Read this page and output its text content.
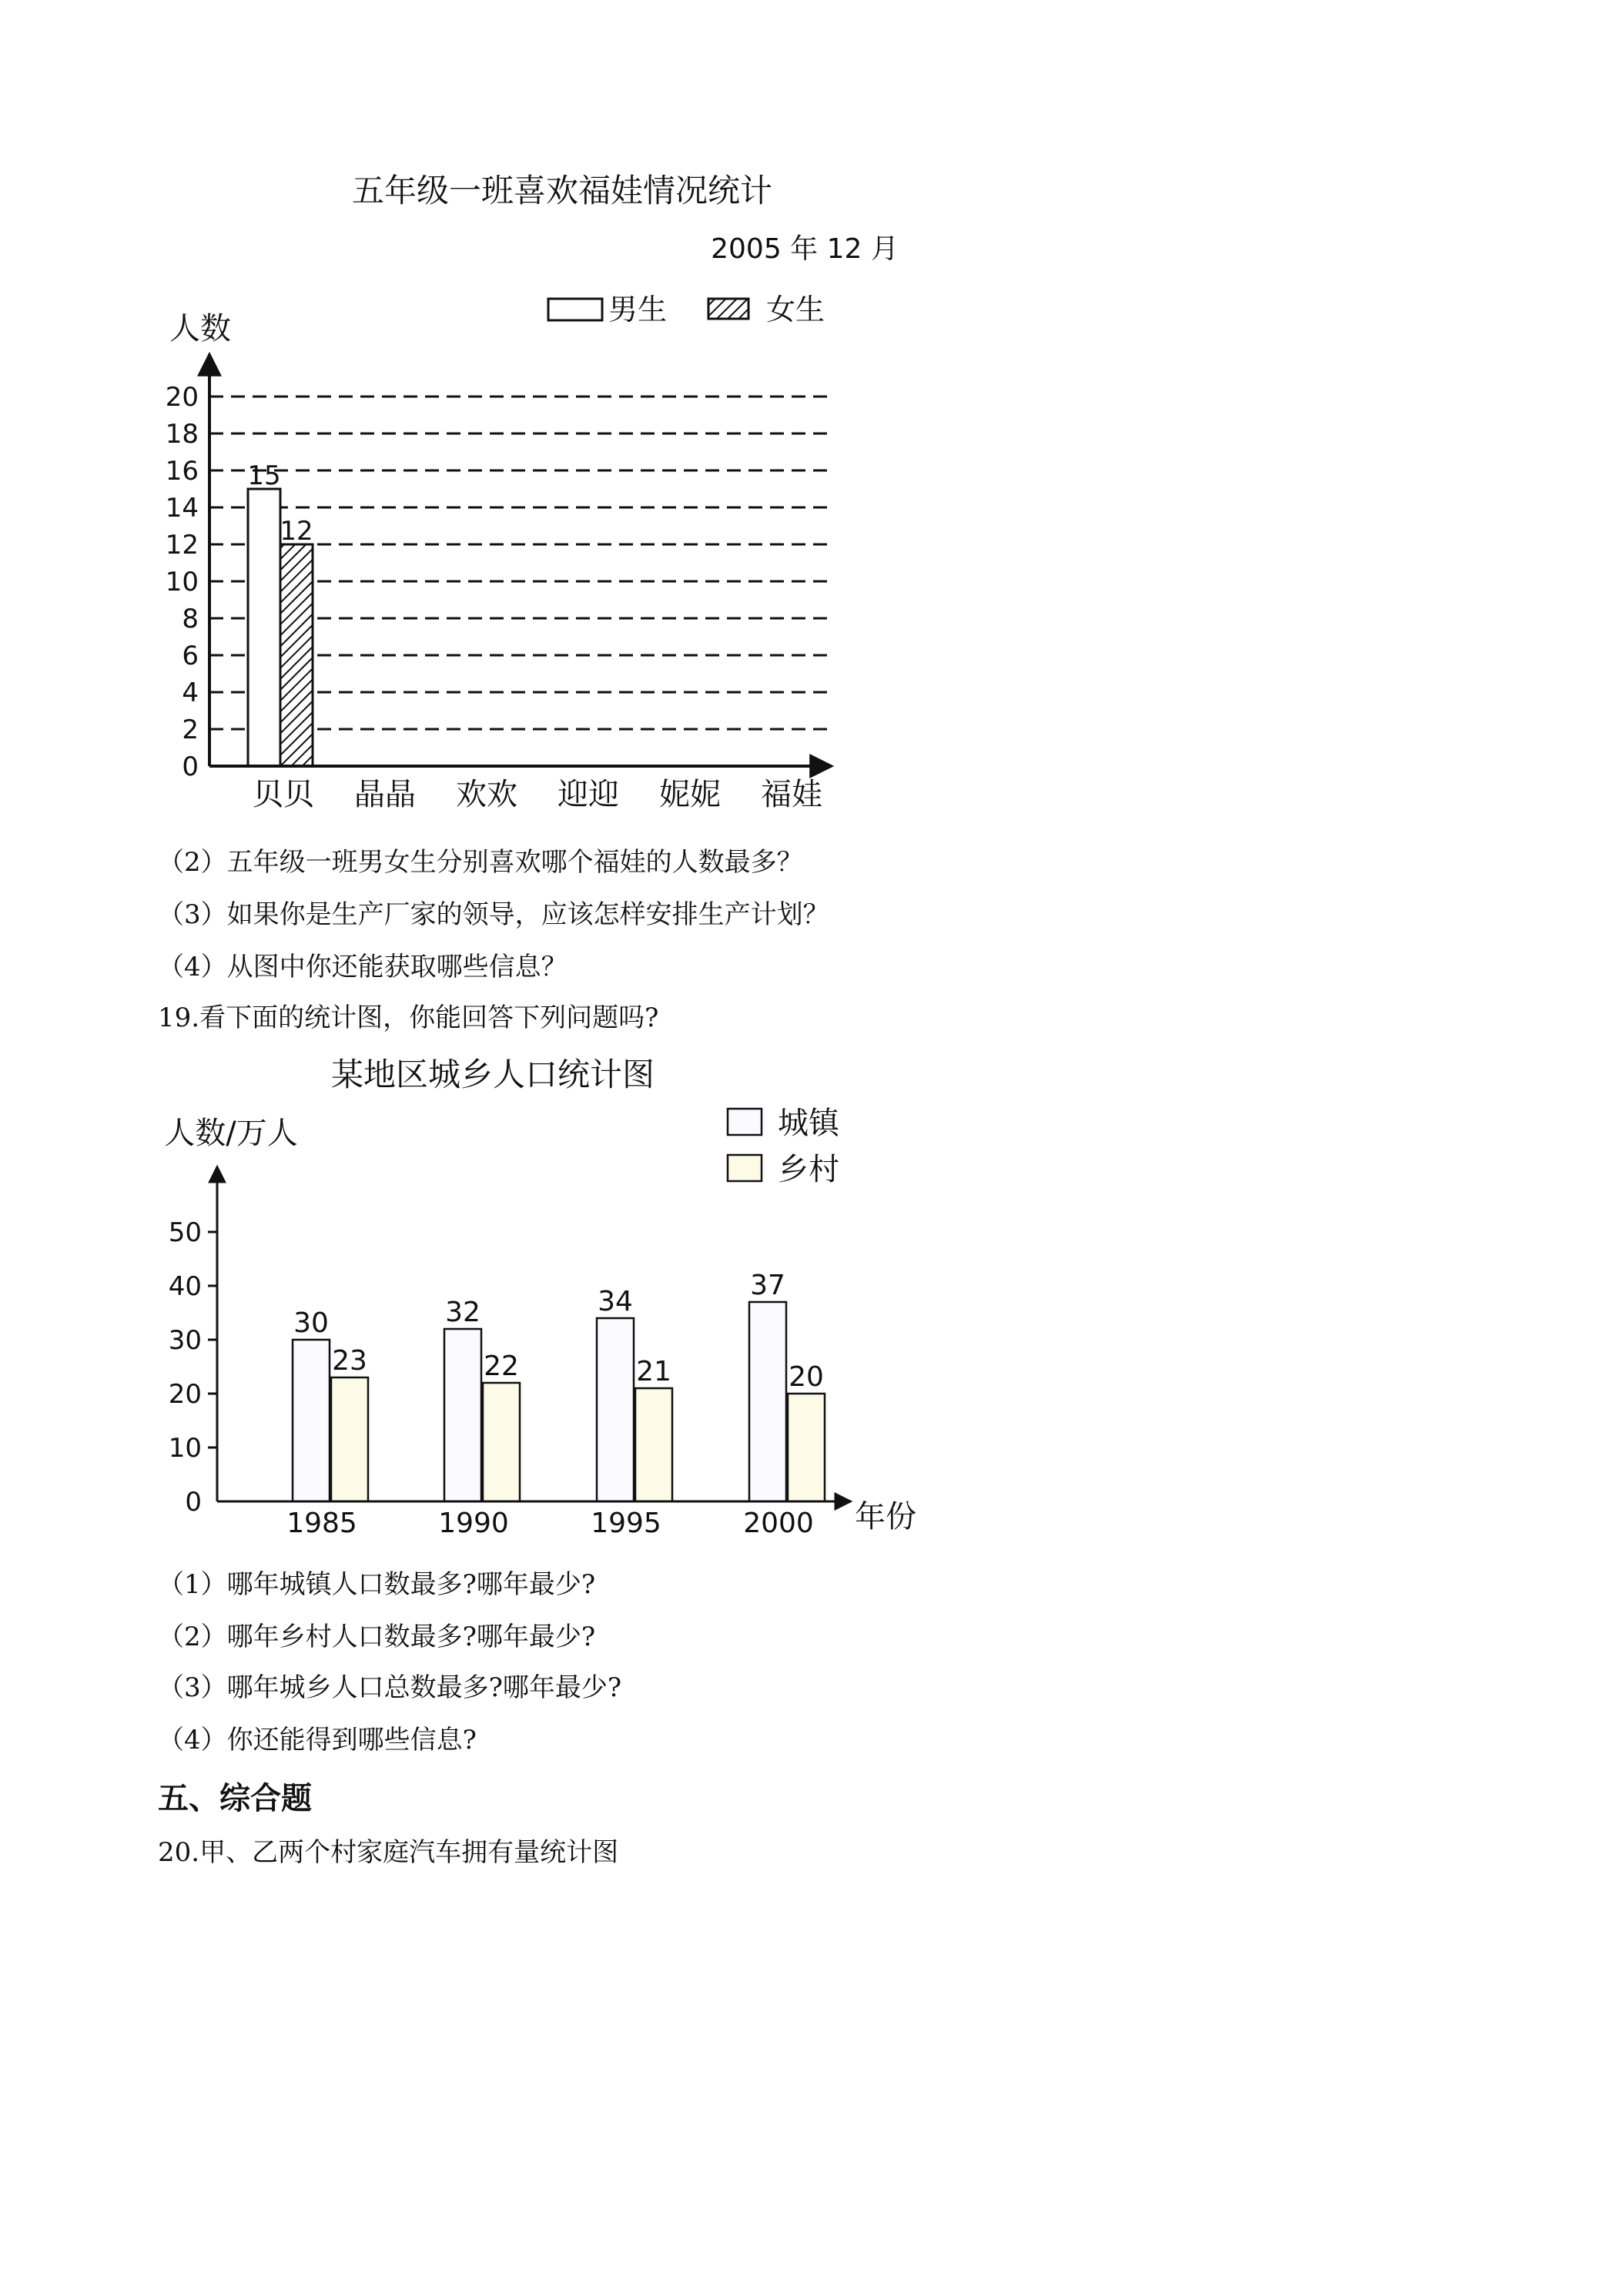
五年级一班喜欢福娃情况统计
2005 年 12 月
人数
男生	女生
0
2
4
6
8
10
12
14
16
18
20
15
12
贝贝 晶晶 欢欢 迎迎 妮妮 福娃
（2）五年级一班男女生分别喜欢哪个福娃的人数最多？
（3）如果你是生产厂家的领导，应该怎样安排生产计划？
（4）从图中你还能获取哪些信息？
19.看下面的统计图，你能回答下列问题吗?
某地区城乡人口统计图
人数/万人
年份
城镇
乡村
0
10
20
30
40
50
30
23
32
22
34
21
37
20
1985	1990	1995	2000
（1）哪年城镇人口数最多?哪年最少?
（2）哪年乡村人口数最多?哪年最少?
（3）哪年城乡人口总数最多?哪年最少?
（4）你还能得到哪些信息?
五、综合题
20.甲、乙两个村家庭汽车拥有量统计图
